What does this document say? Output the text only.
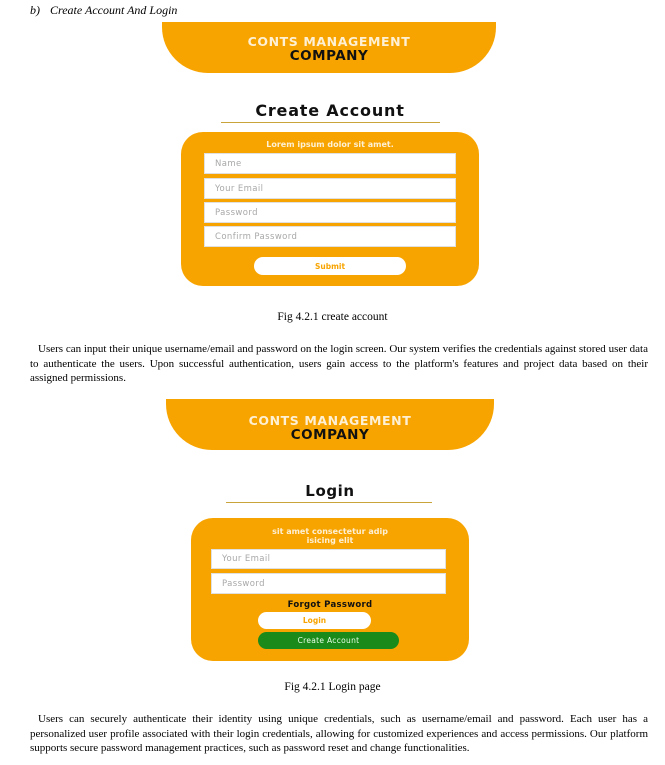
b) Create Account And Login
CONTS MANAGEMENT
COMPANY
Create Account
Lorem ipsum dolor sit amet.
Name
Your Email
Password
Confirm Password
Submit
Fig 4.2.1 create account
Users can input their unique username/email and password on the login screen. Our system verifies the credentials against stored user data to authenticate the users. Upon successful authentication, users gain access to the platform's features and project data based on their assigned permissions.
CONTS MANAGEMENT
COMPANY
Login
sit amet consectetur adip isicing elit
Your Email
Password
Forgot Password
Login
Create Account
Fig 4.2.1 Login page
Users can securely authenticate their identity using unique credentials, such as username/email and password. Each user has a personalized user profile associated with their login credentials, allowing for customized experiences and access permissions. Our platform supports secure password management practices, such as password reset and change functionalities.
